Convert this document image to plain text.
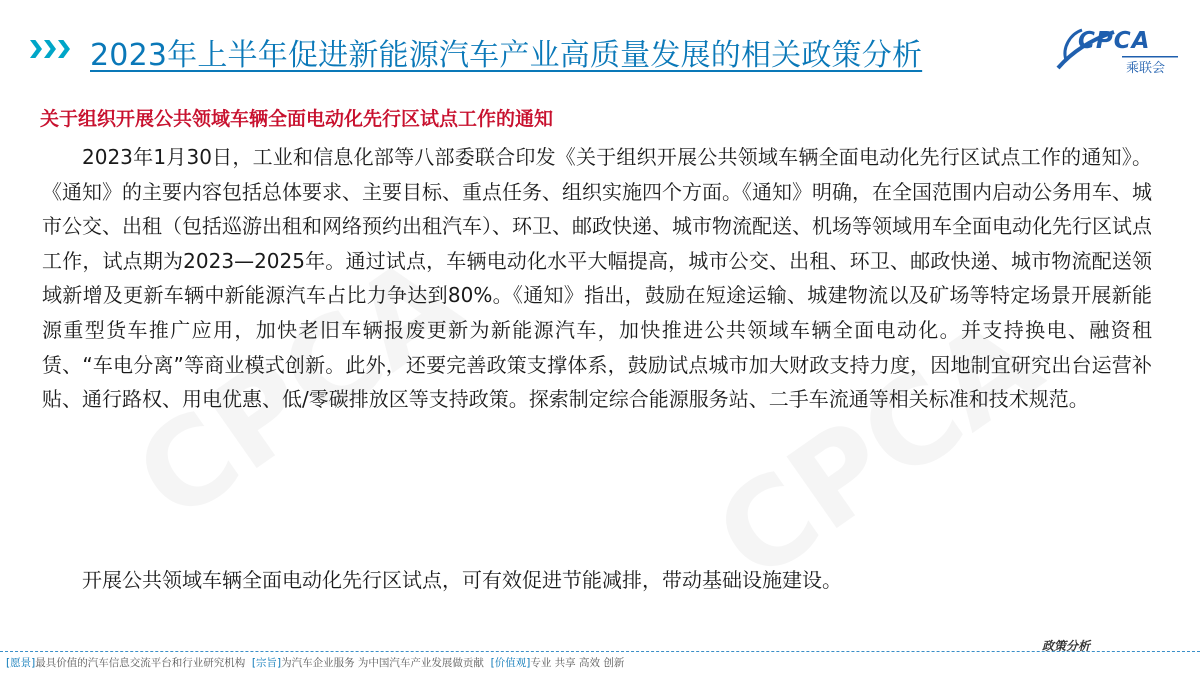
2023年上半年促进新能源汽车产业高质量发展的相关政策分析	CPCA
乘联会
关于组织开展公共领域车辆全面电动化先行区试点工作的通知

2023年1月30日，工业和信息化部等八部委联合印发《关于组织开展公共领域车辆全面电动化先行区试点工作的通知》。《通知》的主要内容包括总体要求、主要目标、重点任务、组织实施四个方面。《通知》明确，在全国范围内启动公务用车、城市公交、出租（包括巡游出租和网络预约出租汽车）、环卫、邮政快递、城市物流配送、机场等领域用车全面电动化先行区试点工作，试点期为2023—2025年。通过试点，车辆电动化水平大幅提高，城市公交、出租、环卫、邮政快递、城市物流配送领域新增及更新车辆中新能源汽车占比力争达到80%。《通知》指出，鼓励在短途运输、城建物流以及矿场等特定场景开展新能源重型货车推广应用，加快老旧车辆报废更新为新能源汽车，加快推进公共领域车辆全面电动化。并支持换电、融资租赁、“车电分离”等商业模式创新。此外，还要完善政策支撑体系，鼓励试点城市加大财政支持力度，因地制宜研究出台运营补贴、通行路权、用电优惠、低/零碳排放区等支持政策。探索制定综合能源服务站、二手车流通等相关标准和技术规范。

开展公共领域车辆全面电动化先行区试点，可有效促进节能减排，带动基础设施建设。

政策分析
[愿景]最具价值的汽车信息交流平台和行业研究机构 [宗旨]为汽车企业服务 为中国汽车产业发展做贡献 [价值观]专业 共享 高效 创新
